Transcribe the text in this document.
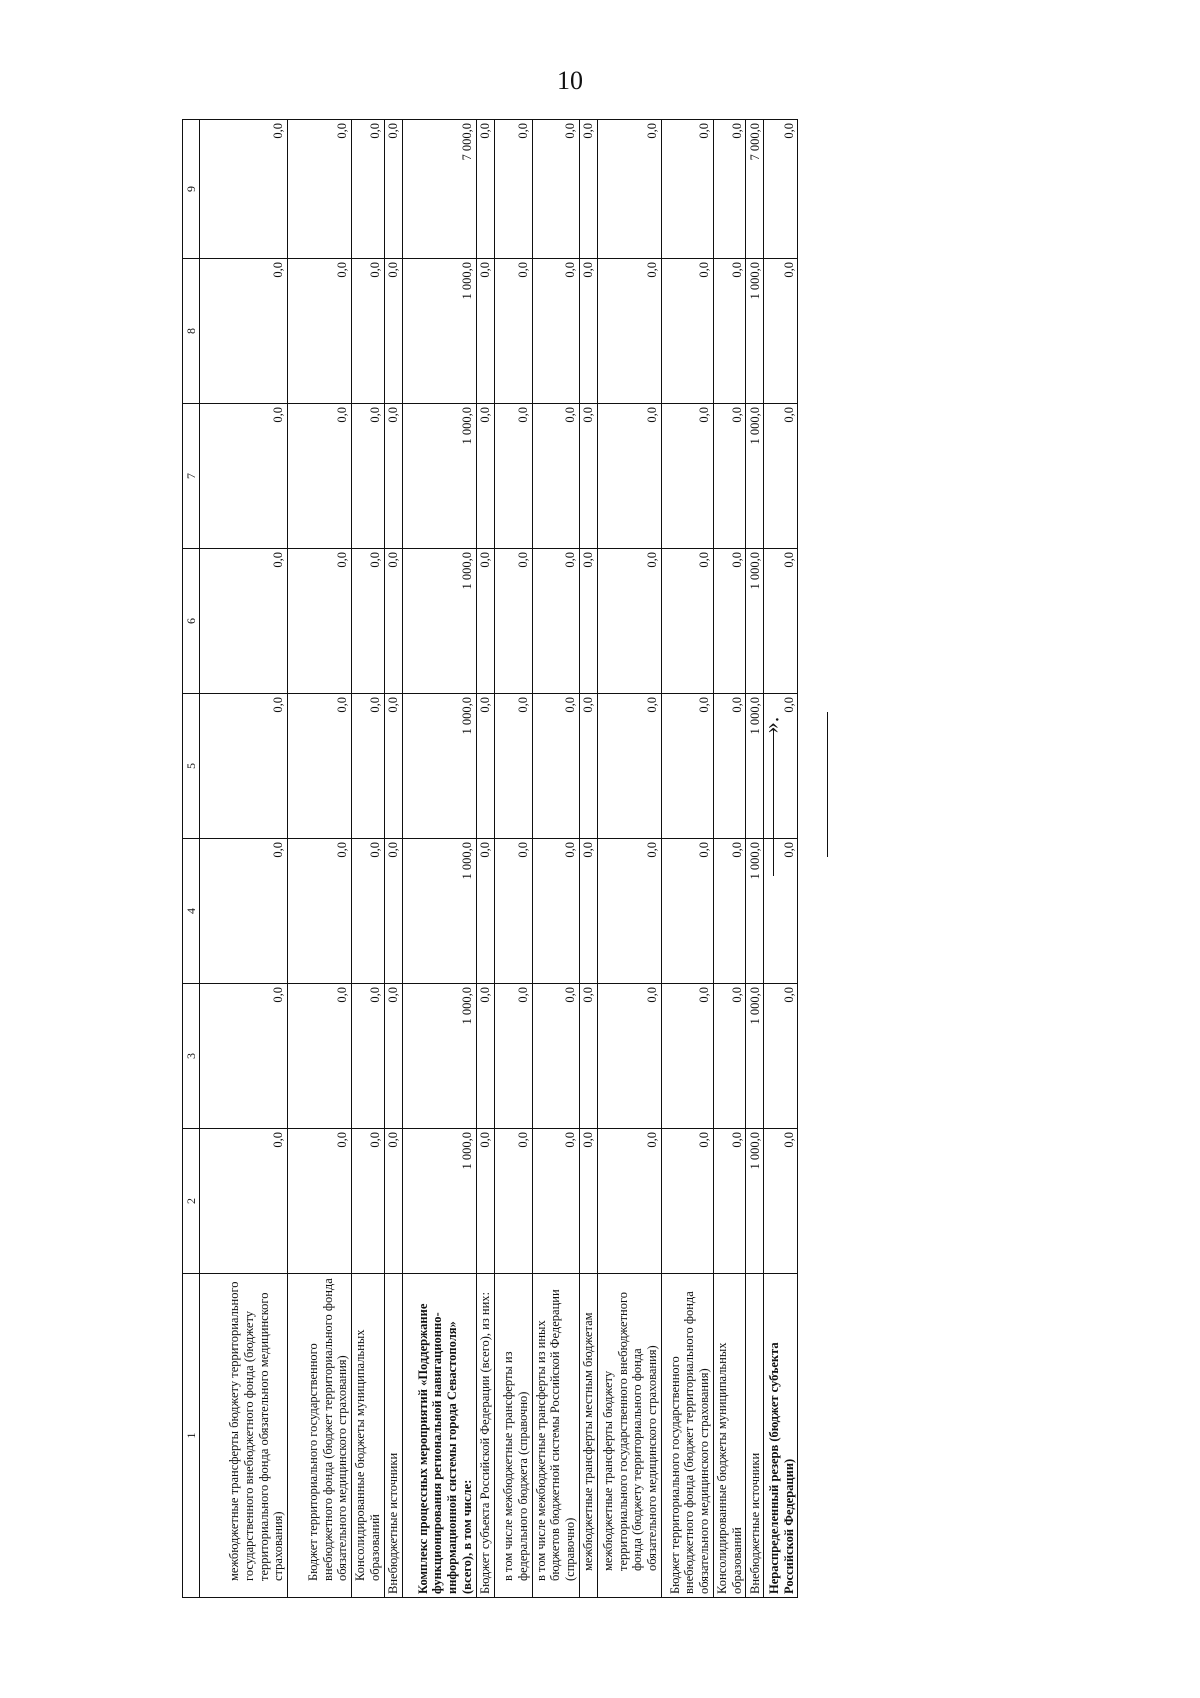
10
1	2	3	4	5	6	7	8	9
межбюджетные трансферты бюджету территориального государственного внебюджетного фонда (бюджету территориального фонда обязательного медицинского страхования)	0,0	0,0	0,0	0,0	0,0	0,0	0,0	0,0
Бюджет территориального государственного внебюджетного фонда (бюджет территориального фонда обязательного медицинского страхования)	0,0	0,0	0,0	0,0	0,0	0,0	0,0	0,0
Консолидированные бюджеты муниципальных образований	0,0	0,0	0,0	0,0	0,0	0,0	0,0	0,0
Внебюджетные источники	0,0	0,0	0,0	0,0	0,0	0,0	0,0	0,0
Комплекс процессных мероприятий «Поддержание функционирования региональной навигационно-информационной системы города Севастополя» (всего), в том числе:	1 000,0	1 000,0	1 000,0	1 000,0	1 000,0	1 000,0	1 000,0	7 000,0
Бюджет субъекта Российской Федерации (всего), из них:	0,0	0,0	0,0	0,0	0,0	0,0	0,0	0,0
в том числе межбюджетные трансферты из федерального бюджета (справочно)	0,0	0,0	0,0	0,0	0,0	0,0	0,0	0,0
в том числе межбюджетные трансферты из иных бюджетов бюджетной системы Российской Федерации (справочно)	0,0	0,0	0,0	0,0	0,0	0,0	0,0	0,0
межбюджетные трансферты местным бюджетам	0,0	0,0	0,0	0,0	0,0	0,0	0,0	0,0
межбюджетные трансферты бюджету территориального государственного внебюджетного фонда (бюджету территориального фонда обязательного медицинского страхования)	0,0	0,0	0,0	0,0	0,0	0,0	0,0	0,0
Бюджет территориального государственного внебюджетного фонда (бюджет территориального фонда обязательного медицинского страхования)	0,0	0,0	0,0	0,0	0,0	0,0	0,0	0,0
Консолидированные бюджеты муниципальных образований	0,0	0,0	0,0	0,0	0,0	0,0	0,0	0,0
Внебюджетные источники	1 000,0	1 000,0	1 000,0	1 000,0	1 000,0	1 000,0	1 000,0	7 000,0
Нераспределенный резерв (бюджет субъекта Российской Федерации)	0,0	0,0	0,0	0,0	0,0	0,0	0,0	0,0
».
